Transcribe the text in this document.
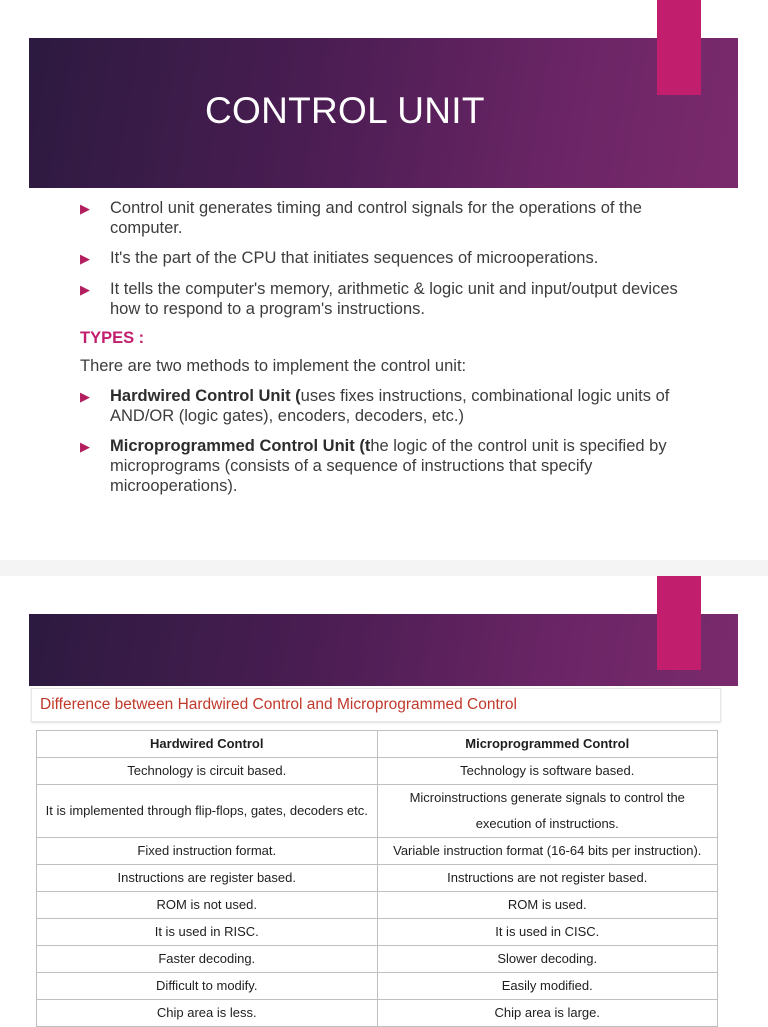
CONTROL UNIT
▶	Control unit generates timing and control signals for the operations of the computer.
▶	It's the part of the CPU that initiates sequences of microoperations.
▶	It tells the computer's memory, arithmetic & logic unit and input/output devices how to respond to a program's instructions.
TYPES :
There are two methods to implement the control unit:
▶	Hardwired Control Unit (uses fixes instructions, combinational logic units of AND/OR (logic gates), encoders, decoders, etc.)
▶	Microprogrammed Control Unit (the logic of the control unit is specified by microprograms (consists of a sequence of instructions that specify microoperations).
Difference between Hardwired Control and Microprogrammed Control
Hardwired Control	Microprogrammed Control
Technology is circuit based.	Technology is software based.
It is implemented through flip-flops, gates, decoders etc.	Microinstructions generate signals to control the execution of instructions.
Fixed instruction format.	Variable instruction format (16-64 bits per instruction).
Instructions are register based.	Instructions are not register based.
ROM is not used.	ROM is used.
It is used in RISC.	It is used in CISC.
Faster decoding.	Slower decoding.
Difficult to modify.	Easily modified.
Chip area is less.	Chip area is large.
